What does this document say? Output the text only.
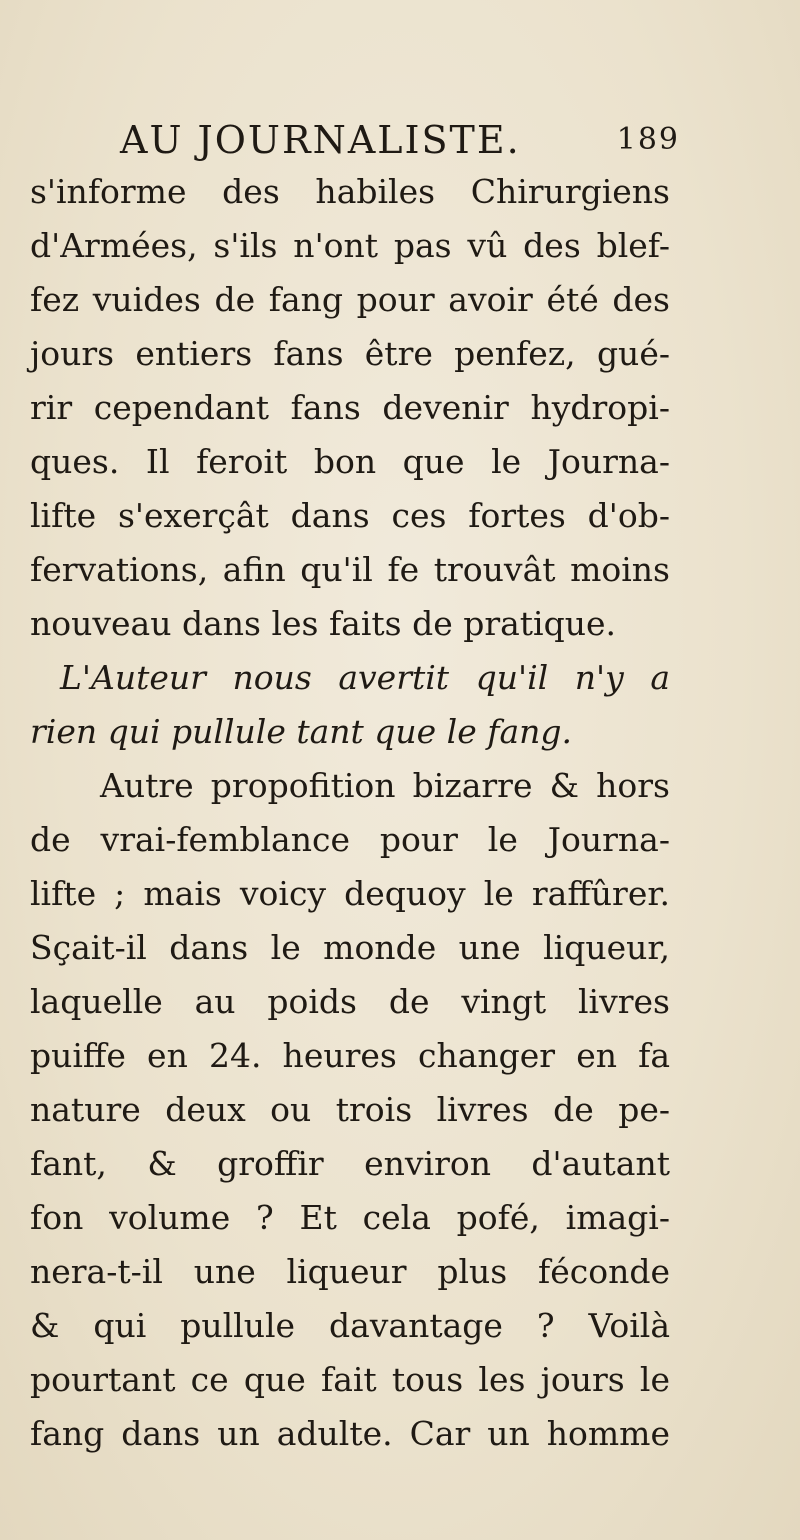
AU JOURNALISTE.	189
s'informe des habiles Chirurgiens
d'Armées, s'ils n'ont pas vû des blef-
fez vuides de fang pour avoir été des
jours entiers fans être penfez, gué-
rir cependant fans devenir hydropi-
ques. Il feroit bon que le Journa-
lifte s'exerçât dans ces fortes d'ob-
fervations, afin qu'il fe trouvât moins
nouveau dans les faits de pratique.
L'Auteur nous avertit qu'il n'y a
rien qui pullule tant que le fang.
Autre propofition bizarre & hors
de vrai-femblance pour le Journa-
lifte ; mais voicy dequoy le raffûrer.
Sçait-il dans le monde une liqueur,
laquelle au poids de vingt livres
puiffe en 24. heures changer en fa
nature deux ou trois livres de pe-
fant, & groffir environ d'autant
fon volume ? Et cela pofé, imagi-
nera-t-il une liqueur plus féconde
& qui pullule davantage ? Voilà
pourtant ce que fait tous les jours le
fang dans un adulte. Car un homme
